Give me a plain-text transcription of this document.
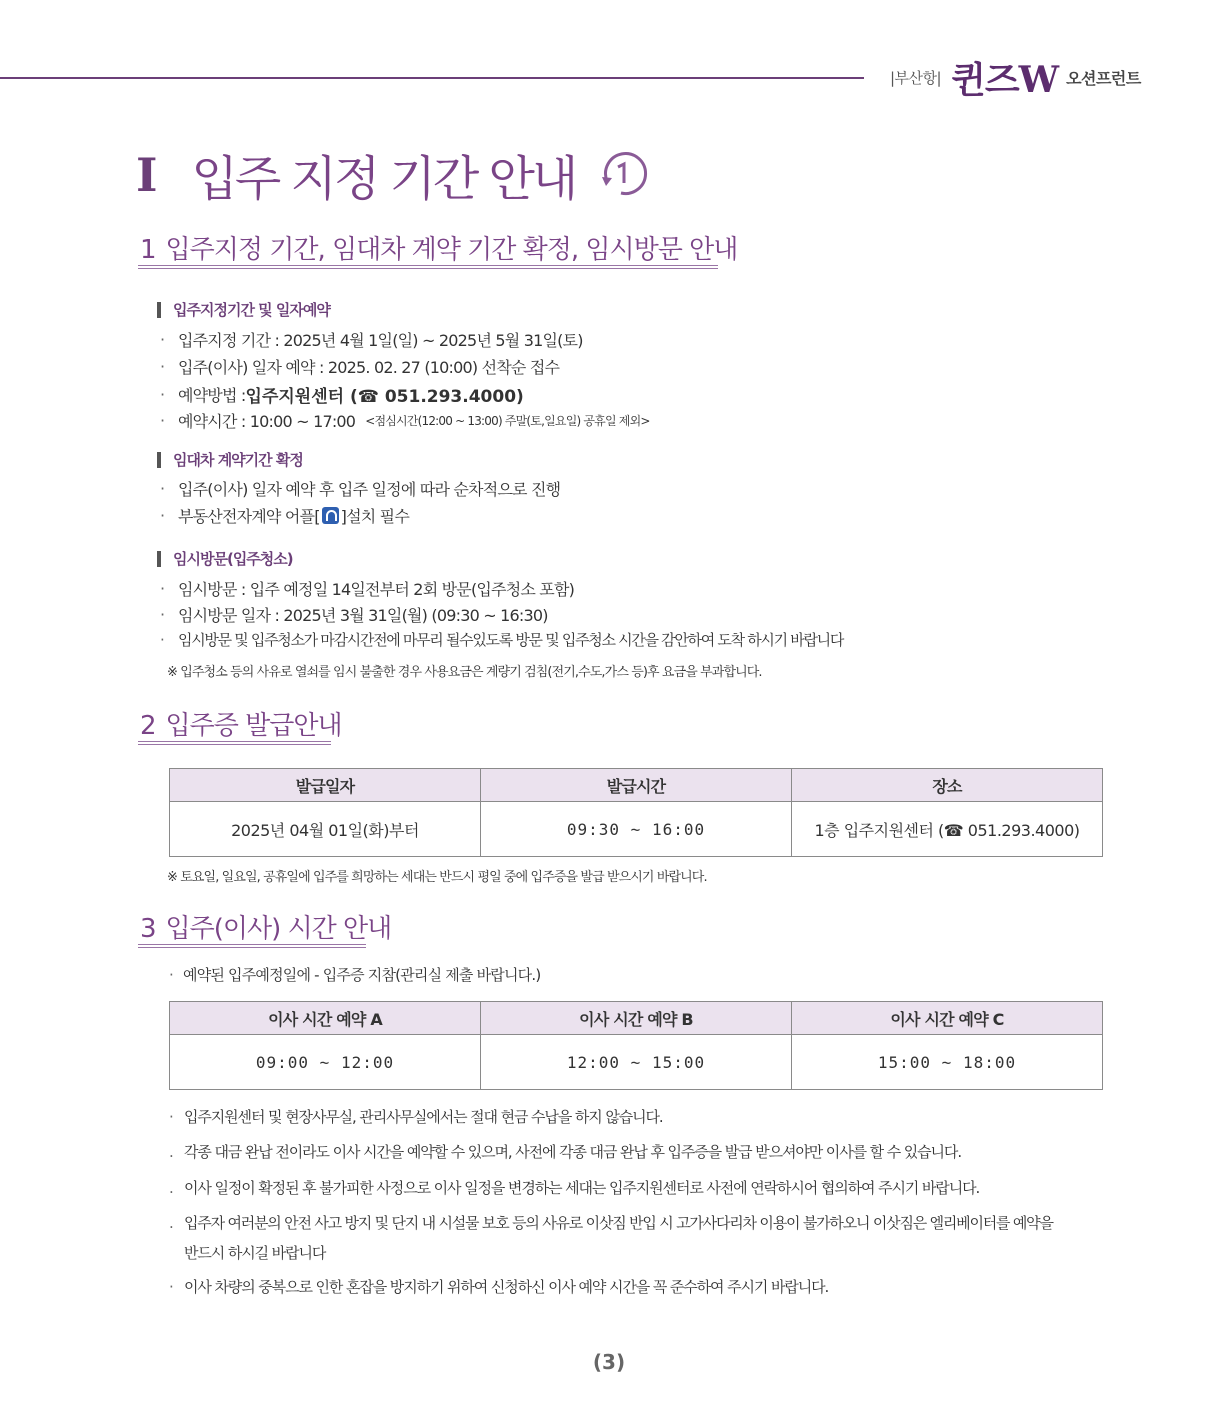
|부산항| 퀸즈W 오션프런트
I 입주 지정 기간 안내
1 입주지정 기간, 임대차 계약 기간 확정, 임시방문 안내
입주지정기간 및 일자예약
· 입주지정 기간 : 2025년 4월 1일(일) ~ 2025년 5월 31일(토)
· 입주(이사) 일자 예약 : 2025. 02. 27 (10:00) 선착순 접수
· 예약방법 : 입주지원센터 (☎ 051.293.4000)
· 예약시간 : 10:00 ~ 17:00 <점심시간(12:00 ~ 13:00) 주말(토,일요일) 공휴일 제외>
임대차 계약기간 확정
· 입주(이사) 일자 예약 후 입주 일정에 따라 순차적으로 진행
· 부동산전자계약 어플[ ]설치 필수
임시방문(입주청소)
· 임시방문 : 입주 예정일 14일전부터 2회 방문(입주청소 포함)
· 임시방문 일자 : 2025년 3월 31일(월) (09:30 ~ 16:30)
· 임시방문 및 입주청소가 마감시간전에 마무리 될수있도록 방문 및 입주청소 시간을 감안하여 도착 하시기 바랍니다
※ 입주청소 등의 사유로 열쇠를 임시 불출한 경우 사용요금은 계량기 검침(전기,수도,가스 등)후 요금을 부과합니다.
2 입주증 발급안내
발급일자	발급시간	장소
2025년 04월 01일(화)부터	09:30 ~ 16:00	1층 입주지원센터 (☎ 051.293.4000)
※ 토요일, 일요일, 공휴일에 입주를 희망하는 세대는 반드시 평일 중에 입주증을 발급 받으시기 바랍니다.
3 입주(이사) 시간 안내
· 예약된 입주예정일에 - 입주증 지참(관리실 제출 바랍니다.)
이사 시간 예약 A	이사 시간 예약 B	이사 시간 예약 C
09:00 ~ 12:00	12:00 ~ 15:00	15:00 ~ 18:00
· 입주지원센터 및 현장사무실, 관리사무실에서는 절대 현금 수납을 하지 않습니다.
. 각종 대금 완납 전이라도 이사 시간을 예약할 수 있으며, 사전에 각종 대금 완납 후 입주증을 발급 받으셔야만 이사를 할 수 있습니다.
. 이사 일정이 확정된 후 불가피한 사정으로 이사 일정을 변경하는 세대는 입주지원센터로 사전에 연락하시어 협의하여 주시기 바랍니다.
. 입주자 여러분의 안전 사고 방지 및 단지 내 시설물 보호 등의 사유로 이삿짐 반입 시 고가사다리차 이용이 불가하오니 이삿짐은 엘리베이터를 예약을
반드시 하시길 바랍니다
· 이사 차량의 중복으로 인한 혼잡을 방지하기 위하여 신청하신 이사 예약 시간을 꼭 준수하여 주시기 바랍니다.
(3)
